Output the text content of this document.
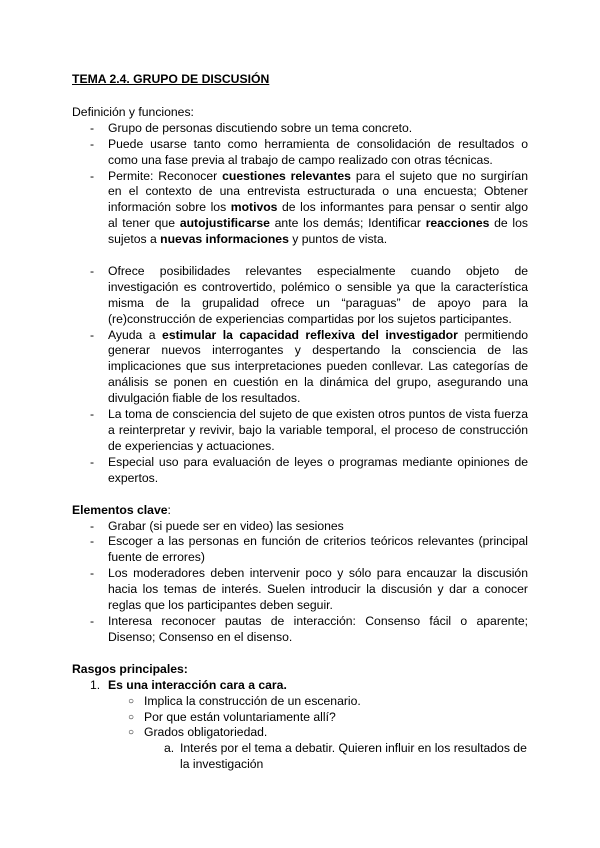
TEMA 2.4. GRUPO DE DISCUSIÓN

Definición y funciones:

- Grupo de personas discutiendo sobre un tema concreto.
- Puede usarse tanto como herramienta de consolidación de resultados o como una fase previa al trabajo de campo realizado con otras técnicas.
- Permite: Reconocer cuestiones relevantes para el sujeto que no surgirían en el contexto de una entrevista estructurada o una encuesta; Obtener información sobre los motivos de los informantes para pensar o sentir algo al tener que autojustificarse ante los demás; Identificar reacciones de los sujetos a nuevas informaciones y puntos de vista.
- Ofrece posibilidades relevantes especialmente cuando objeto de investigación es controvertido, polémico o sensible ya que la característica misma de la grupalidad ofrece un “paraguas” de apoyo para la (re)construcción de experiencias compartidas por los sujetos participantes.
- Ayuda a estimular la capacidad reflexiva del investigador permitiendo generar nuevos interrogantes y despertando la consciencia de las implicaciones que sus interpretaciones pueden conllevar. Las categorías de análisis se ponen en cuestión en la dinámica del grupo, asegurando una divulgación fiable de los resultados.
- La toma de consciencia del sujeto de que existen otros puntos de vista fuerza a reinterpretar y revivir, bajo la variable temporal, el proceso de construcción de experiencias y actuaciones.
- Especial uso para evaluación de leyes o programas mediante opiniones de expertos.

Elementos clave:

- Grabar (si puede ser en video) las sesiones
- Escoger a las personas en función de criterios teóricos relevantes (principal fuente de errores)
- Los moderadores deben intervenir poco y sólo para encauzar la discusión hacia los temas de interés. Suelen introducir la discusión y dar a conocer reglas que los participantes deben seguir.
- Interesa reconocer pautas de interacción: Consenso fácil o aparente; Disenso; Consenso en el disenso.

Rasgos principales:

1. Es una interacción cara a cara.
○ Implica la construcción de un escenario.
○ Por que están voluntariamente allí?
○ Grados obligatoriedad.
a. Interés por el tema a debatir. Quieren influir en los resultados de la investigación
